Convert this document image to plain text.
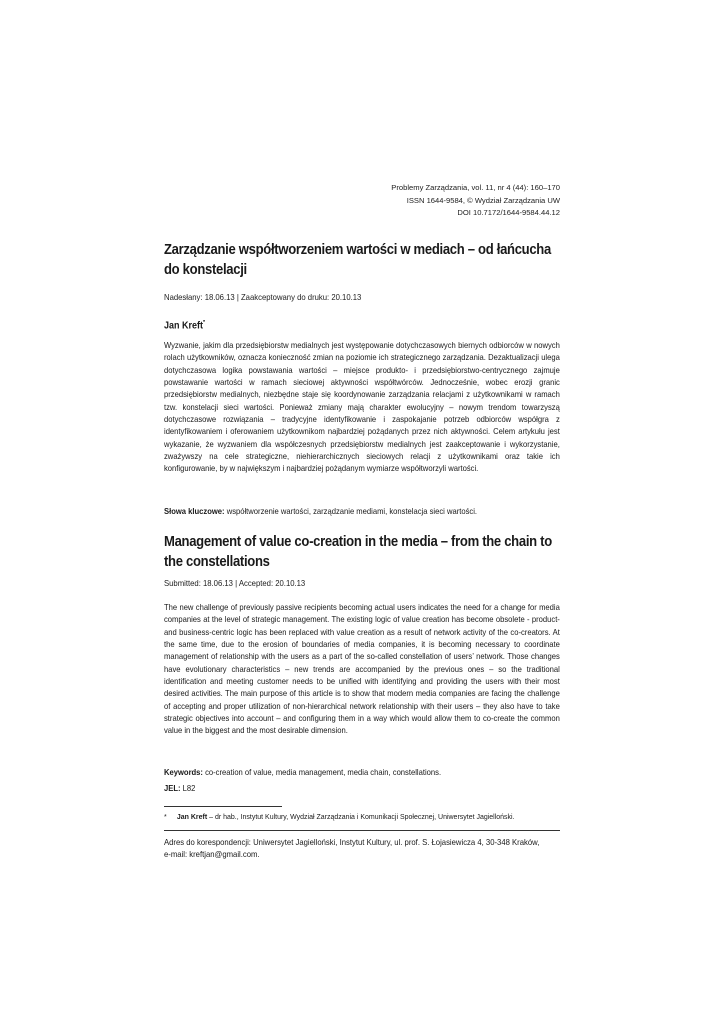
Problemy Zarządzania, vol. 11, nr 4 (44): 160–170
ISSN 1644-9584, © Wydział Zarządzania UW
DOI 10.7172/1644-9584.44.12
Zarządzanie współtworzeniem wartości w mediach – od łańcucha do konstelacji
Nadesłany: 18.06.13 | Zaakceptowany do druku: 20.10.13
Jan Kreft*

Wyzwanie, jakim dla przedsiębiorstw medialnych jest występowanie dotychczasowych biernych odbiorców w nowych rolach użytkowników, oznacza konieczność zmian na poziomie ich strategicznego zarządzania. Dezaktualizacji ulega dotychczasowa logika powstawania wartości – miejsce produkto- i przedsiębiorstwo-centrycznego zajmuje powstawanie wartości w ramach sieciowej aktywności współtwórców. Jednocześnie, wobec erozji granic przedsiębiorstw medialnych, niezbędne staje się koordynowanie zarządzania relacjami z użytkownikami w ramach tzw. konstelacji sieci wartości. Ponieważ zmiany mają charakter ewolucyjny – nowym trendom towarzyszą dotychczasowe rozwiązania – tradycyjne identyfikowanie i zaspokajanie potrzeb odbiorców współgra z identyfikowaniem i oferowaniem użytkownikom najbardziej pożądanych przez nich aktywności. Celem artykułu jest wykazanie, że wyzwaniem dla współczesnych przedsiębiorstw medialnych jest zaakceptowanie i wykorzystanie, zważywszy na cele strategiczne, niehierarchicznych sieciowych relacji z użytkownikami oraz takie ich konfigurowanie, by w największym i najbardziej pożądanym wymiarze współtworzyli wartości.

Słowa kluczowe: współtworzenie wartości, zarządzanie mediami, konstelacja sieci wartości.
Management of value co-creation in the media – from the chain to the constellations
Submitted: 18.06.13 | Accepted: 20.10.13

The new challenge of previously passive recipients becoming actual users indicates the need for a change for media companies at the level of strategic management. The existing logic of value creation has become obsolete - product- and business-centric logic has been replaced with value creation as a result of network activity of the co-creators. At the same time, due to the erosion of boundaries of media companies, it is becoming necessary to coordinate management of relationship with the users as a part of the so-called constellation of users’ network. Those changes have evolutionary characteristics – new trends are accompanied by the previous ones – so the traditional identification and meeting customer needs to be unified with identifying and providing the users with their most desired activities. The main purpose of this article is to show that modern media companies are facing the challenge of accepting and proper utilization of non-hierarchical network relationship with their users – they also have to take strategic objectives into account – and configuring them in a way which would allow them to co-create the common value in the biggest and the most desirable dimension.

Keywords: co-creation of value, media management, media chain, constellations.
JEL: L82
* Jan Kreft – dr hab., Instytut Kultury, Wydział Zarządzania i Komunikacji Społecznej, Uniwersytet Jagielloński.
Adres do korespondencji: Uniwersytet Jagielloński, Instytut Kultury, ul. prof. S. Łojasiewicza 4, 30-348 Kraków,
e-mail: kreftjan@gmail.com.
